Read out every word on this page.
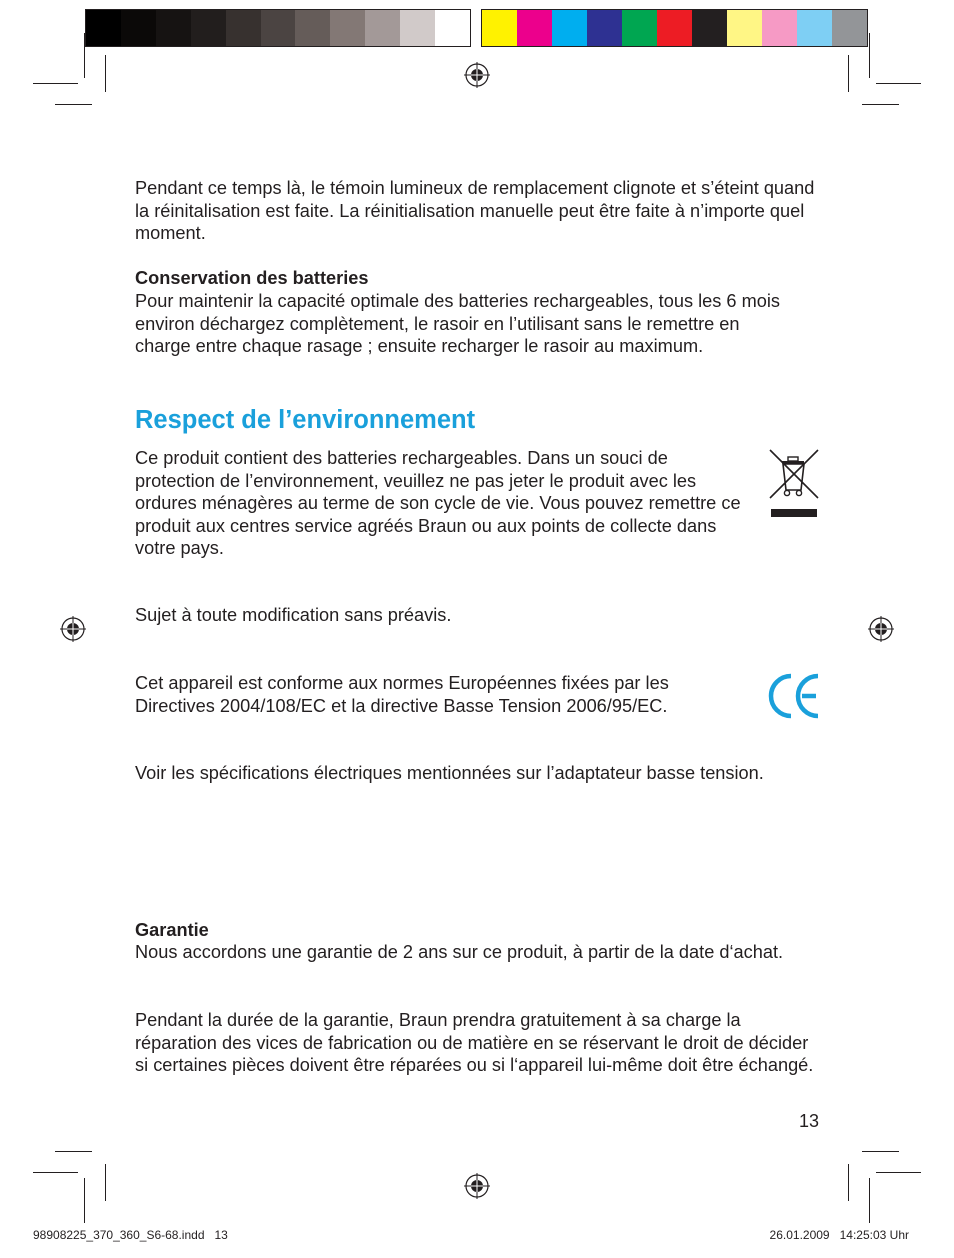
Pendant ce temps là, le témoin lumineux de remplacement clignote et s’éteint quand la réinitalisation est faite. La réinitialisation manuelle peut être faite à n’importe quel moment.

Conservation des batteries

Pour maintenir la capacité optimale des batteries rechargeables, tous les 6 mois environ déchargez complètement, le rasoir en l’utilisant sans le remettre en charge entre chaque rasage ; ensuite recharger le rasoir au maximum.

Respect de l’environnement

Ce produit contient des batteries rechargeables. Dans un souci de protection de l’environnement, veuillez ne pas jeter le produit avec les ordures ménagères au terme de son cycle de vie. Vous pouvez remettre ce produit aux centres service agréés Braun ou aux points de collecte dans votre pays.

Sujet à toute modification sans préavis.

Cet appareil est conforme aux normes Européennes fixées par les Directives 2004/108/EC et la directive Basse Tension 2006/95/EC.

Voir les spécifications électriques mentionnées sur l’adaptateur basse tension.

Garantie

Nous accordons une garantie de 2 ans sur ce produit, à partir de la date d‘achat.

Pendant la durée de la garantie, Braun prendra gratuitement à sa charge la réparation des vices de fabrication ou de matière en se réservant le droit de décider si certaines pièces doivent être réparées ou si l‘appareil lui-même doit être échangé.

13
98908225_370_360_S6-68.indd   13	26.01.2009   14:25:03 Uhr
